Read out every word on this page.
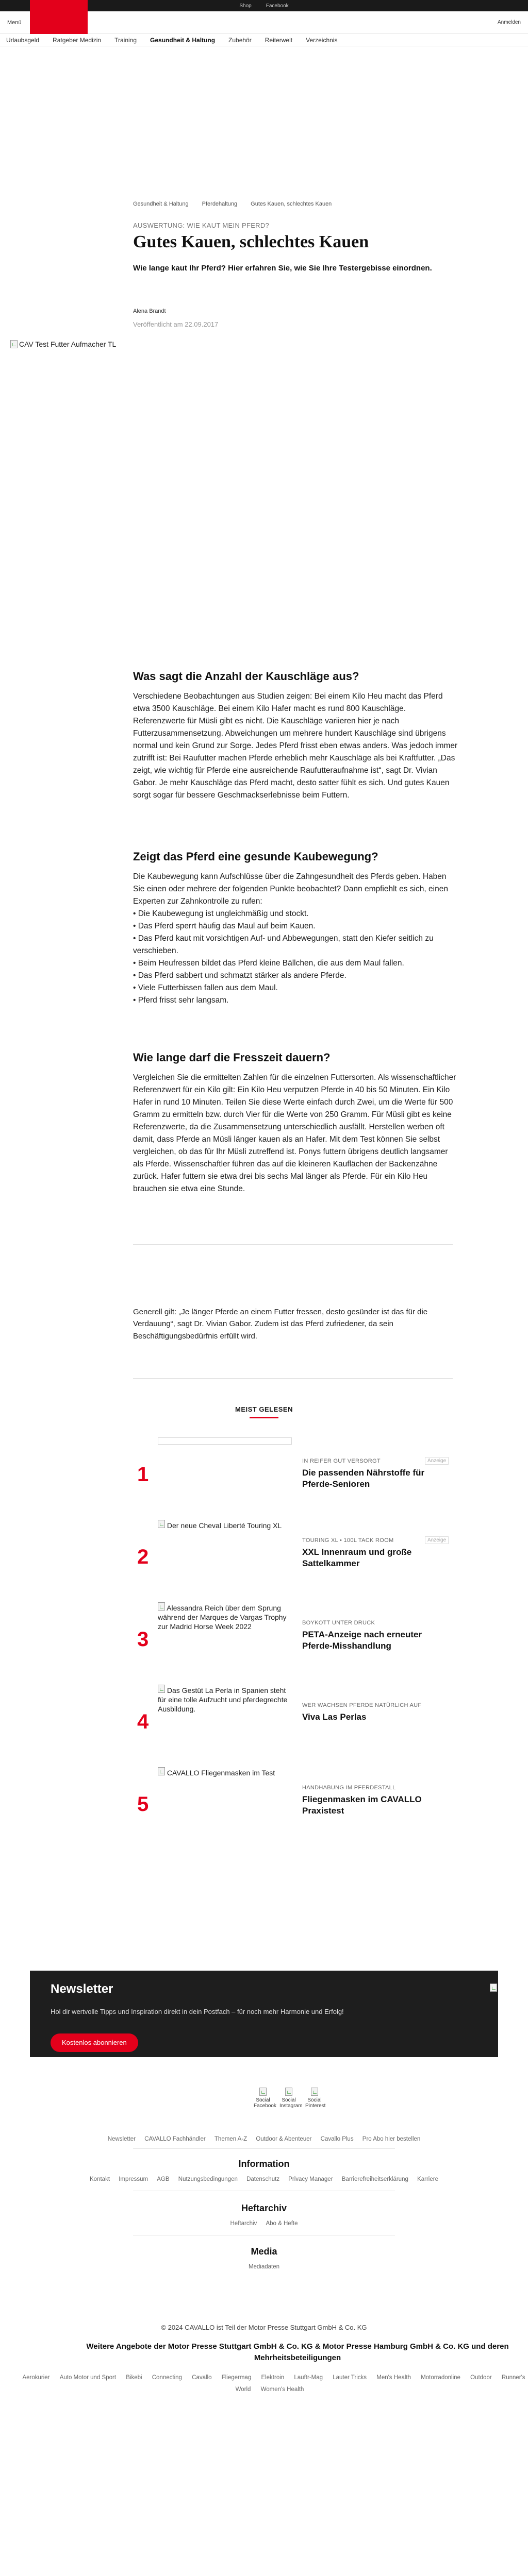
Shop	Facebook
Menü	Anmelden
Urlaubsgeld Ratgeber Medizin Training Gesundheit & Haltung Zubehör Reiterwelt Verzeichnis
Gesundheit & Haltung Pferdehaltung Gutes Kauen, schlechtes Kauen
AUSWERTUNG: WIE KAUT MEIN PFERD?
Gutes Kauen, schlechtes Kauen

Wie lange kaut Ihr Pferd? Hier erfahren Sie, wie Sie Ihre Testergebisse einordnen.

Alena Brandt
Veröffentlicht am 22.09.2017
CAV Test Futter Aufmacher TL
Was sagt die Anzahl der Kauschläge aus?

Verschiedene Beobachtungen aus Studien zeigen: Bei einem Kilo Heu macht das Pferd etwa 3500 Kauschläge. Bei einem Kilo Hafer macht es rund 800 Kauschläge. Referenzwerte für Müsli gibt es nicht. Die Kauschläge variieren hier je nach Futterzusammensetzung. Abweichungen um mehrere hundert Kauschläge sind übrigens normal und kein Grund zur Sorge. Jedes Pferd frisst eben etwas anders. Was jedoch immer zutrifft ist: Bei Raufutter machen Pferde erheblich mehr Kauschläge als bei Kraftfutter. „Das zeigt, wie wichtig für Pferde eine ausreichende Raufutteraufnahme ist“, sagt Dr. Vivian Gabor. Je mehr Kauschläge das Pferd macht, desto satter fühlt es sich. Und gutes Kauen sorgt sogar für bessere Geschmackserlebnisse beim Futtern.

Zeigt das Pferd eine gesunde Kaubewegung?

Die Kaubewegung kann Aufschlüsse über die Zahngesundheit des Pferds geben. Haben Sie einen oder mehrere der folgenden Punkte beobachtet? Dann empfiehlt es sich, einen Experten zur Zahnkontrolle zu rufen:

• Die Kaubewegung ist ungleichmäßig und stockt.

• Das Pferd sperrt häufig das Maul auf beim Kauen.

• Das Pferd kaut mit vorsichtigen Auf- und Abbewegungen, statt den Kiefer seitlich zu verschieben.

• Beim Heufressen bildet das Pferd kleine Bällchen, die aus dem Maul fallen.

• Das Pferd sabbert und schmatzt stärker als andere Pferde.

• Viele Futterbissen fallen aus dem Maul.

• Pferd frisst sehr langsam.

Wie lange darf die Fresszeit dauern?

Vergleichen Sie die ermittelten Zahlen für die einzelnen Futtersorten. Als wissenschaftlicher Referenzwert für ein Kilo gilt: Ein Kilo Heu verputzen Pferde in 40 bis 50 Minuten. Ein Kilo Hafer in rund 10 Minuten. Teilen Sie diese Werte einfach durch Zwei, um die Werte für 500 Gramm zu ermitteln bzw. durch Vier für die Werte von 250 Gramm. Für Müsli gibt es keine Referenzwerte, da die Zusammensetzung unterschiedlich ausfällt. Herstellen werben oft damit, dass Pferde an Müsli länger kauen als an Hafer. Mit dem Test können Sie selbst vergleichen, ob das für Ihr Müsli zutreffend ist. Ponys futtern übrigens deutlich langsamer als Pferde. Wissenschaftler führen das auf die kleineren Kauflächen der Backenzähne zurück. Hafer futtern sie etwa drei bis sechs Mal länger als Pferde. Für ein Kilo Heu brauchen sie etwa eine Stunde.

Generell gilt: „Je länger Pferde an einem Futter fressen, desto gesünder ist das für die Verdauung“, sagt Dr. Vivian Gabor. Zudem ist das Pferd zufriedener, da sein Beschäftigungsbedürfnis erfüllt wird.

MEIST GELESEN
1
IN REIFER GUT VERSORGT	Anzeige
Die passenden Nährstoffe für Pferde-Senioren
2
Der neue Cheval Liberté Touring XL
TOURING XL • 100L TACK ROOM	Anzeige
XXL Innenraum und große Sattelkammer
3
Alessandra Reich über dem Sprung während der Marques de Vargas Trophy zur Madrid Horse Week 2022	BOYKOTT UNTER DRUCK
PETA-Anzeige nach erneuter Pferde-Misshandlung
4
Das Gestüt La Perla in Spanien steht für eine tolle Aufzucht und pferdegrechte Ausbildung.	WER WACHSEN PFERDE NATÜRLICH AUF
Viva Las Perlas
5
CAVALLO Fliegenmasken im Test
HANDHABUNG IM PFERDESTALL
Fliegenmasken im CAVALLO Praxistest
Newsletter

Hol dir wertvolle Tipps und Inspiration direkt in dein Postfach – für noch mehr Harmonie und Erfolg!

Kostenlos abonnieren
Social Facebook
Social Instagram
Social Pinterest
Newsletter CAVALLO Fachhändler Themen A-Z Outdoor & Abenteuer Cavallo Plus Pro Abo hier bestellen
Information
Kontakt Impressum AGB Nutzungsbedingungen Datenschutz Privacy Manager Barrierefreiheitserklärung Karriere
Heftarchiv
Heftarchiv Abo & Hefte
Media
Mediadaten
© 2024 CAVALLO ist Teil der Motor Presse Stuttgart GmbH & Co. KG
Weitere Angebote der Motor Presse Stuttgart GmbH & Co. KG & Motor Presse Hamburg GmbH & Co. KG und deren Mehrheitsbeteiligungen
Aerokurier Auto Motor und Sport Bikebi Connecting Cavallo Fliegermag Elektroin Lauftr-Mag Lauter Tricks Men's Health Motorradonline Outdoor Runner's World Women's Health
